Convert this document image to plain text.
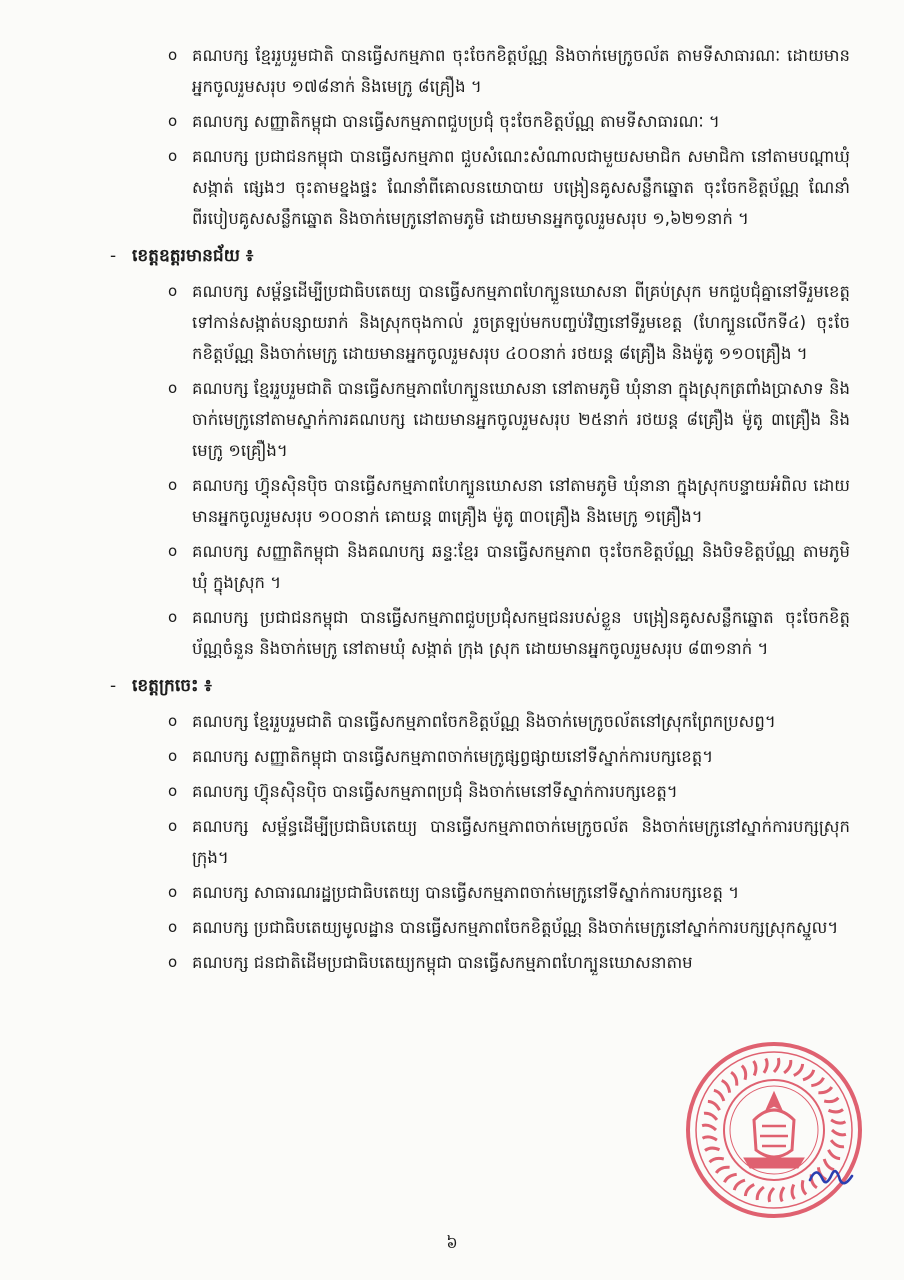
o គណបក្ស ខ្មែររួបរួមជាតិ បានធ្វើសកម្មភាព ចុះចែកខិត្តប័ណ្ណ និងចាក់មេក្រូចល័ត តាមទីសាធារណៈ ដោយមានអ្នកចូលរួមសរុប ១៧៨នាក់ និងមេក្រូ ៨គ្រឿង ។
o គណបក្ស សញ្ញាតិកម្ពុជា បានធ្វើសកម្មភាពជួបប្រជុំ ចុះចែកខិត្តប័ណ្ណ តាមទីសាធារណៈ ។
o គណបក្ស ប្រជាជនកម្ពុជា បានធ្វើសកម្មភាព ជួបសំណេះសំណាលជាមួយសមាជិក សមាជិកា នៅតាមបណ្តាឃុំ សង្កាត់ ផ្សេងៗ ចុះតាមខ្នងផ្ទះ ណែនាំពីគោលនយោបាយ បង្រៀនគូសសន្លឹកឆ្នោត ចុះចែកខិត្តប័ណ្ណ ណែនាំពីរបៀបគូសសន្លឹកឆ្នោត និងចាក់មេក្រូនៅតាមភូមិ ដោយមានអ្នកចូលរួមសរុប ១,៦២១នាក់ ។
- ខេត្តឧត្តរមានជ័យ ៖
o គណបក្ស សម្ព័ន្ធដើម្បីប្រជាធិបតេយ្យ បានធ្វើសកម្មភាពហែក្បួនឃោសនា ពីគ្រប់ស្រុក មកជួបជុំគ្នានៅទីរួមខេត្ត ទៅកាន់សង្កាត់បន្សាយរាក់ និងស្រុកចុងកាល់ រួចត្រឡប់មកបញ្ចប់វិញនៅទីរួមខេត្ត (ហែក្បួនលើកទី៤) ចុះចែកខិត្តប័ណ្ណ និងចាក់មេក្រូ ដោយមានអ្នកចូលរួមសរុប ៤០០នាក់ រថយន្ត ៨គ្រឿង និងម៉ូតូ ១១០គ្រឿង ។
o គណបក្ស ខ្មែររួបរួមជាតិ បានធ្វើសកម្មភាពហែក្បួនឃោសនា នៅតាមភូមិ ឃុំនានា ក្នុងស្រុកត្រពាំងប្រាសាទ និងចាក់មេក្រូនៅតាមស្នាក់ការគណបក្ស ដោយមានអ្នកចូលរួមសរុប ២៥នាក់ រថយន្ត ៨គ្រឿង ម៉ូតូ ៣គ្រឿង និងមេក្រូ ១គ្រឿង។
o គណបក្ស ហ៊្វុនស៊ិនប៉ិច បានធ្វើសកម្មភាពហែក្បួនឃោសនា នៅតាមភូមិ ឃុំនានា ក្នុងស្រុកបន្ទាយអំពិល ដោយមានអ្នកចូលរួមសរុប ១០០នាក់ គោយន្ត ៣គ្រឿង ម៉ូតូ ៣០គ្រឿង និងមេក្រូ ១គ្រឿង។
o គណបក្ស សញ្ញាតិកម្ពុជា និងគណបក្ស ឆន្ទៈខ្មែរ បានធ្វើសកម្មភាព ចុះចែកខិត្តប័ណ្ណ និងបិទខិត្តប័ណ្ណ តាមភូមិ ឃុំ ក្នុងស្រុក ។
o គណបក្ស ប្រជាជនកម្ពុជា បានធ្វើសកម្មភាពជួបប្រជុំសកម្មជនរបស់ខ្លួន បង្រៀនគូសសន្លឹកឆ្នោត ចុះចែកខិត្តប័ណ្ណចំនួន និងចាក់មេក្រូ នៅតាមឃុំ សង្កាត់ ក្រុង ស្រុក ដោយមានអ្នកចូលរួមសរុប ៨៣១នាក់ ។
- ខេត្តក្រចេះ ៖
o គណបក្ស ខ្មែររួបរួមជាតិ បានធ្វើសកម្មភាពចែកខិត្តប័ណ្ណ និងចាក់មេក្រូចល័តនៅស្រុកព្រែកប្រសព្វ។
o គណបក្ស សញ្ញាតិកម្ពុជា បានធ្វើសកម្មភាពចាក់មេក្រូផ្សព្វផ្សាយនៅទីស្នាក់ការបក្សខេត្ត។
o គណបក្ស ហ៊្វុនស៊ិនប៉ិច បានធ្វើសកម្មភាពប្រជុំ និងចាក់មេនៅទីស្នាក់ការបក្សខេត្ត។
o គណបក្ស សម្ព័ន្ធដើម្បីប្រជាធិបតេយ្យ បានធ្វើសកម្មភាពចាក់មេក្រូចល័ត និងចាក់មេក្រូនៅស្នាក់ការបក្សស្រុក ក្រុង។
o គណបក្ស សាធារណរដ្ឋប្រជាធិបតេយ្យ បានធ្វើសកម្មភាពចាក់មេក្រូនៅទីស្នាក់ការបក្សខេត្ត ។
o គណបក្ស ប្រជាធិបតេយ្យមូលដ្ឋាន បានធ្វើសកម្មភាពចែកខិត្តប័ណ្ណ និងចាក់មេក្រូនៅស្នាក់ការបក្សស្រុកស្នួល។
o គណបក្ស ជនជាតិដើមប្រជាធិបតេយ្យកម្ពុជា បានធ្វើសកម្មភាពហែក្បួនឃោសនាតាម
៦
